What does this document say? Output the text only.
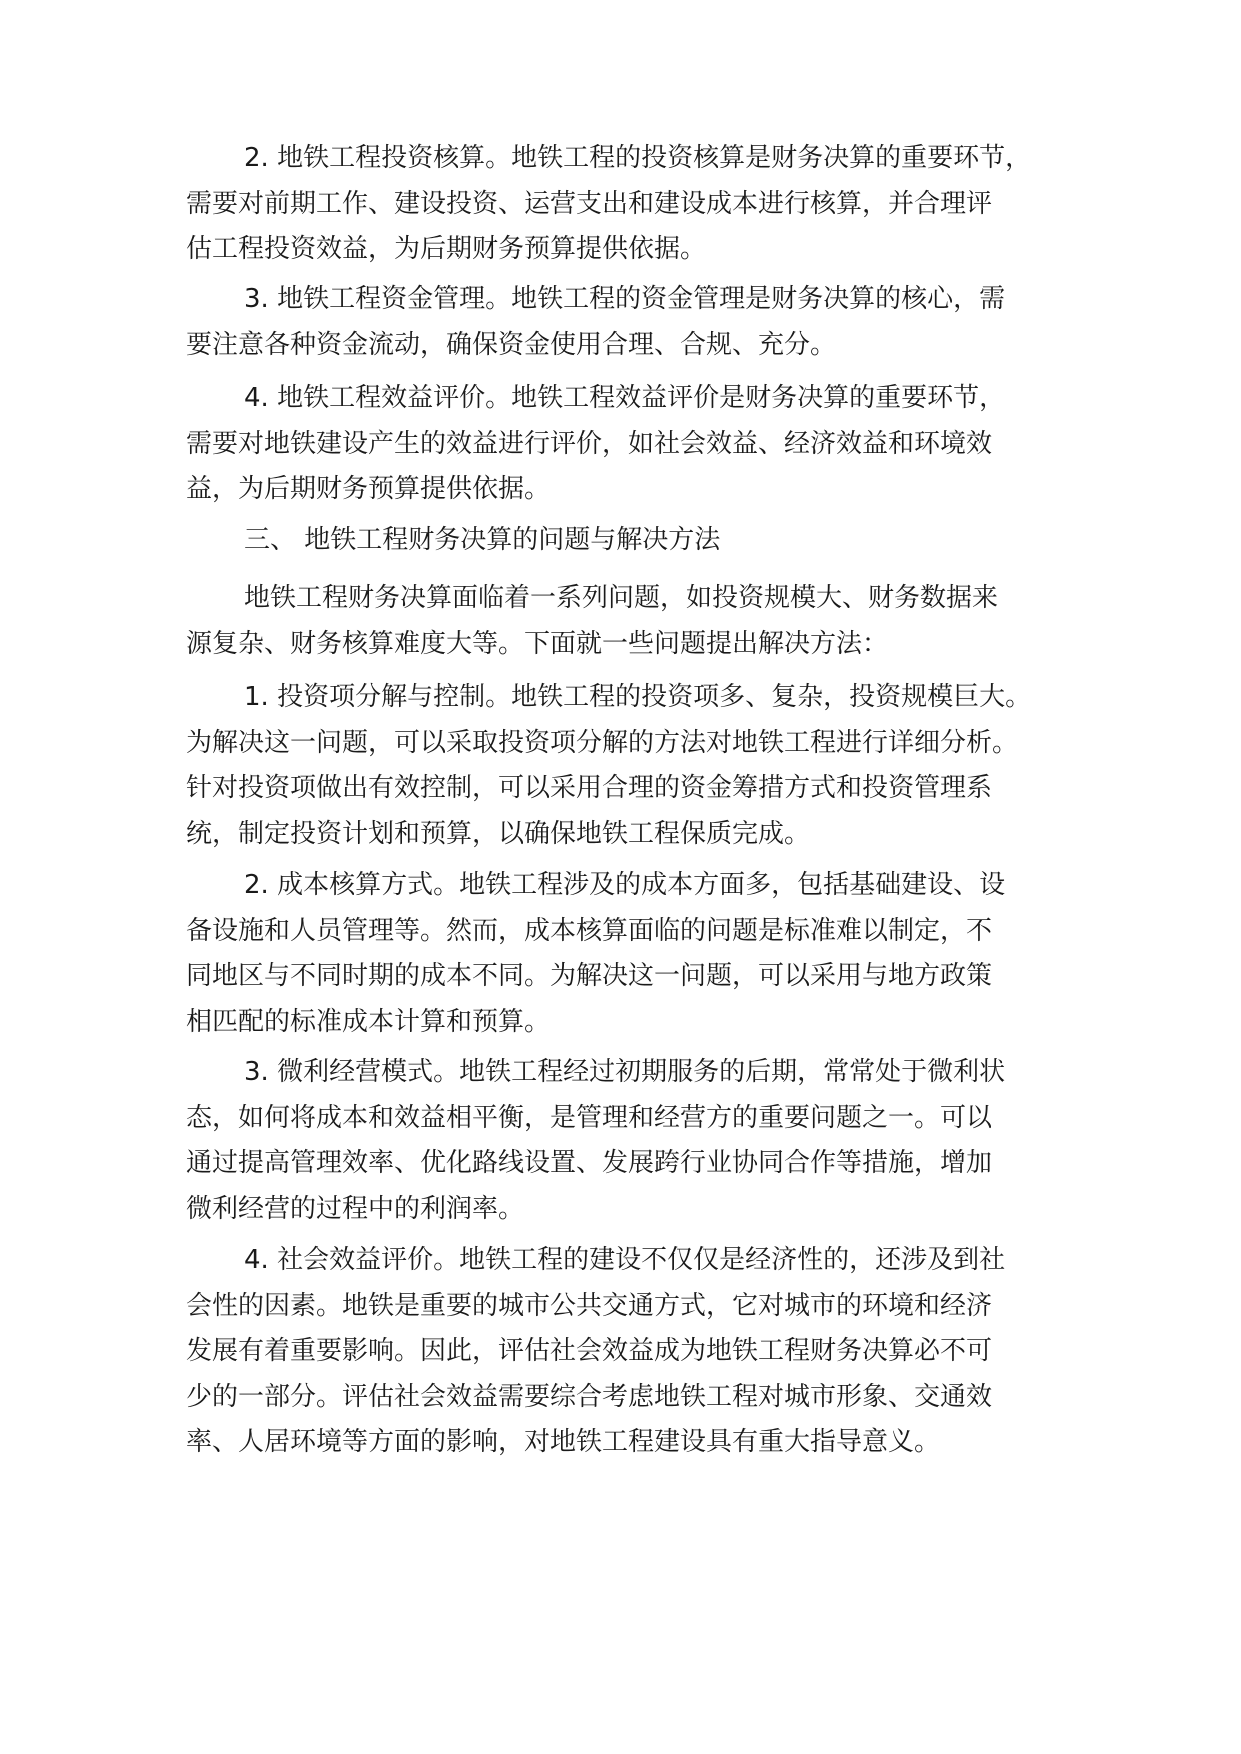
2. 地铁工程投资核算。地铁工程的投资核算是财务决算的重要环节，
需要对前期工作、建设投资、运营支出和建设成本进行核算，并合理评
估工程投资效益，为后期财务预算提供依据。
3. 地铁工程资金管理。地铁工程的资金管理是财务决算的核心，需
要注意各种资金流动，确保资金使用合理、合规、充分。
4. 地铁工程效益评价。地铁工程效益评价是财务决算的重要环节，
需要对地铁建设产生的效益进行评价，如社会效益、经济效益和环境效
益，为后期财务预算提供依据。
三、 地铁工程财务决算的问题与解决方法
地铁工程财务决算面临着一系列问题，如投资规模大、财务数据来
源复杂、财务核算难度大等。下面就一些问题提出解决方法：
1. 投资项分解与控制。地铁工程的投资项多、复杂，投资规模巨大。
为解决这一问题，可以采取投资项分解的方法对地铁工程进行详细分析。
针对投资项做出有效控制，可以采用合理的资金筹措方式和投资管理系
统，制定投资计划和预算，以确保地铁工程保质完成。
2. 成本核算方式。地铁工程涉及的成本方面多，包括基础建设、设
备设施和人员管理等。然而，成本核算面临的问题是标准难以制定，不
同地区与不同时期的成本不同。为解决这一问题，可以采用与地方政策
相匹配的标准成本计算和预算。
3. 微利经营模式。地铁工程经过初期服务的后期，常常处于微利状
态，如何将成本和效益相平衡，是管理和经营方的重要问题之一。可以
通过提高管理效率、优化路线设置、发展跨行业协同合作等措施，增加
微利经营的过程中的利润率。
4. 社会效益评价。地铁工程的建设不仅仅是经济性的，还涉及到社
会性的因素。地铁是重要的城市公共交通方式，它对城市的环境和经济
发展有着重要影响。因此，评估社会效益成为地铁工程财务决算必不可
少的一部分。评估社会效益需要综合考虑地铁工程对城市形象、交通效
率、人居环境等方面的影响，对地铁工程建设具有重大指导意义。
